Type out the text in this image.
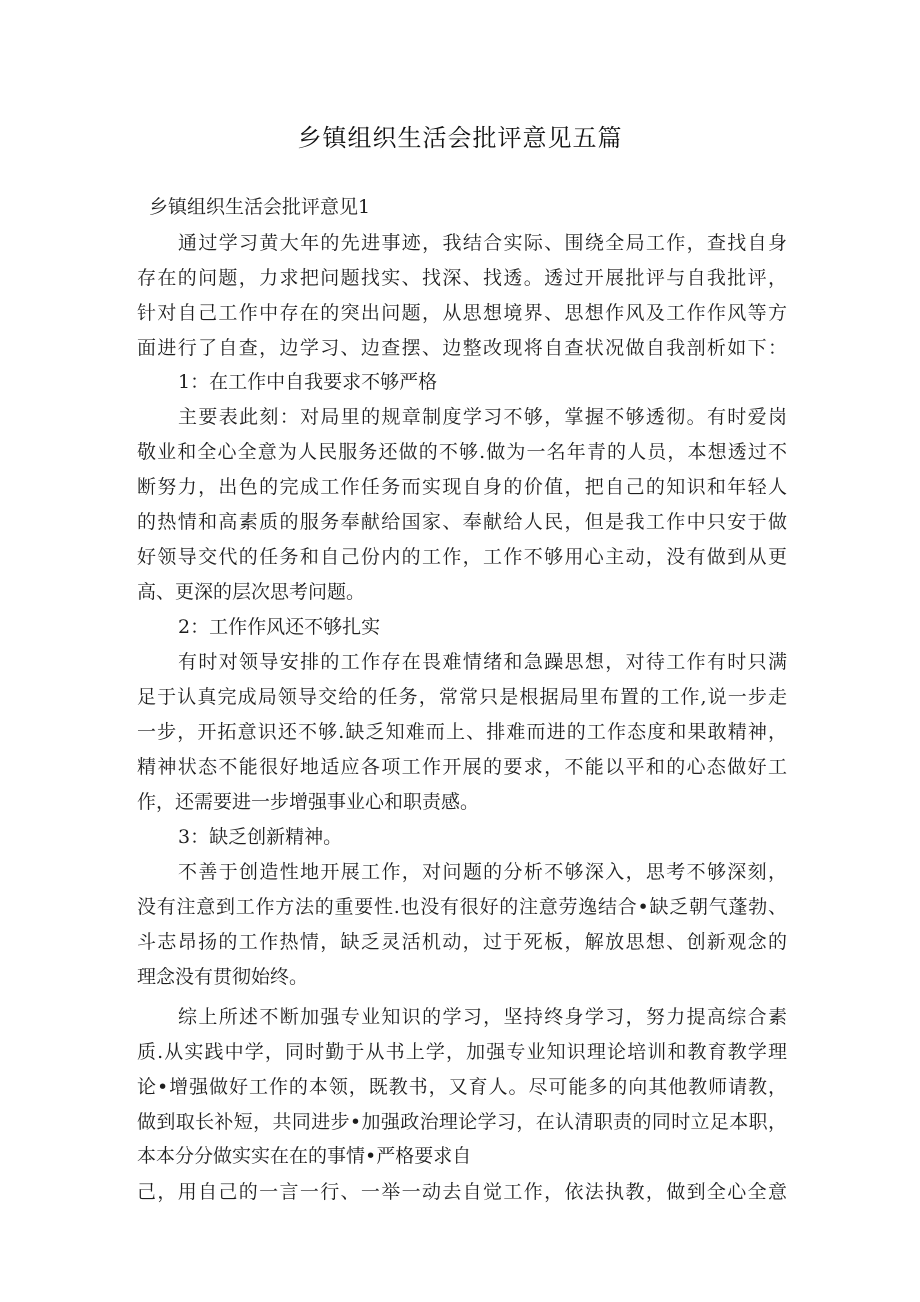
乡镇组织生活会批评意见五篇
乡镇组织生活会批评意见1
通过学习黄大年的先进事迹，我结合实际、围绕全局工作，查找自身
存在的问题，力求把问题找实、找深、找透。透过开展批评与自我批评，
针对自己工作中存在的突出问题，从思想境界、思想作风及工作作风等方
面进行了自查，边学习、边查摆、边整改现将自查状况做自我剖析如下：
1：在工作中自我要求不够严格
主要表此刻：对局里的规章制度学习不够，掌握不够透彻。有时爱岗
敬业和全心全意为人民服务还做的不够.做为一名年青的人员，本想透过不
断努力，出色的完成工作任务而实现自身的价值，把自己的知识和年轻人
的热情和高素质的服务奉献给国家、奉献给人民，但是我工作中只安于做
好领导交代的任务和自己份内的工作，工作不够用心主动，没有做到从更
高、更深的层次思考问题。
2：工作作风还不够扎实
有时对领导安排的工作存在畏难情绪和急躁思想，对待工作有时只满
足于认真完成局领导交给的任务，常常只是根据局里布置的工作,说一步走
一步，开拓意识还不够.缺乏知难而上、排难而进的工作态度和果敢精神，
精神状态不能很好地适应各项工作开展的要求，不能以平和的心态做好工
作，还需要进一步增强事业心和职责感。
3：缺乏创新精神。
不善于创造性地开展工作，对问题的分析不够深入，思考不够深刻，
没有注意到工作方法的重要性.也没有很好的注意劳逸结合•缺乏朝气蓬勃、
斗志昂扬的工作热情，缺乏灵活机动，过于死板，解放思想、创新观念的
理念没有贯彻始终。
综上所述不断加强专业知识的学习，坚持终身学习，努力提高综合素
质.从实践中学，同时勤于从书上学，加强专业知识理论培训和教育教学理
论•增强做好工作的本领，既教书，又育人。尽可能多的向其他教师请教，
做到取长补短，共同进步•加强政治理论学习，在认清职责的同时立足本职，
本本分分做实实在在的事情•严格要求自
己，用自己的一言一行、一举一动去自觉工作，依法执教，做到全心全意
